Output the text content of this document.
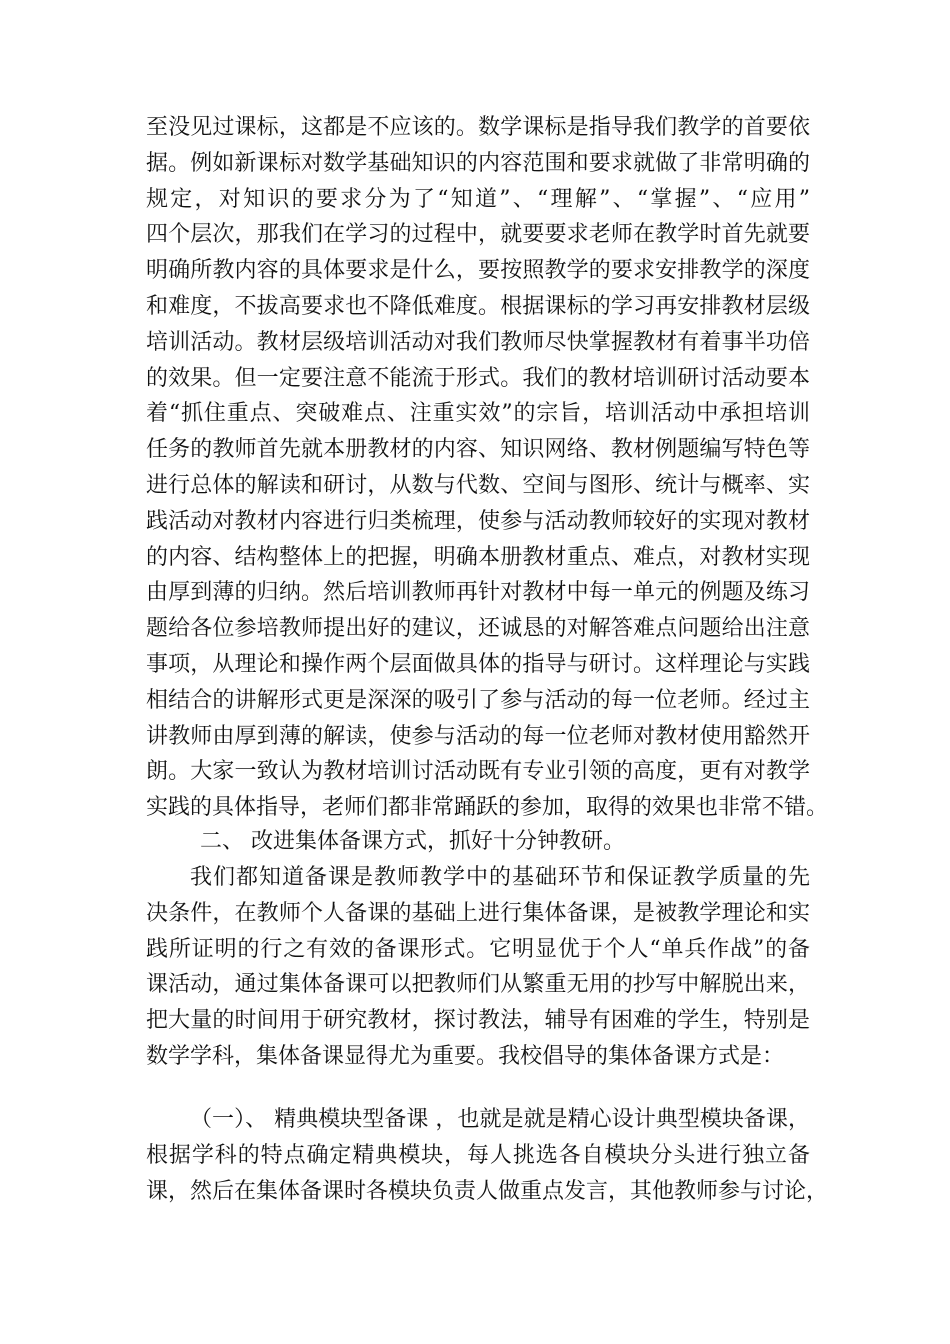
至没见过课标，这都是不应该的。数学课标是指导我们教学的首要依
据。例如新课标对数学基础知识的内容范围和要求就做了非常明确的
规定，对知识的要求分为了“知道”、“理解”、“掌握”、“应用”
四个层次，那我们在学习的过程中，就要要求老师在教学时首先就要
明确所教内容的具体要求是什么，要按照教学的要求安排教学的深度
和难度，不拔高要求也不降低难度。根据课标的学习再安排教材层级
培训活动。教材层级培训活动对我们教师尽快掌握教材有着事半功倍
的效果。但一定要注意不能流于形式。我们的教材培训研讨活动要本
着“抓住重点、突破难点、注重实效”的宗旨，培训活动中承担培训
任务的教师首先就本册教材的内容、知识网络、教材例题编写特色等
进行总体的解读和研讨，从数与代数、空间与图形、统计与概率、实
践活动对教材内容进行归类梳理，使参与活动教师较好的实现对教材
的内容、结构整体上的把握，明确本册教材重点、难点，对教材实现
由厚到薄的归纳。然后培训教师再针对教材中每一单元的例题及练习
题给各位参培教师提出好的建议，还诚恳的对解答难点问题给出注意
事项，从理论和操作两个层面做具体的指导与研讨。这样理论与实践
相结合的讲解形式更是深深的吸引了参与活动的每一位老师。经过主
讲教师由厚到薄的解读，使参与活动的每一位老师对教材使用豁然开
朗。大家一致认为教材培训讨活动既有专业引领的高度，更有对教学
实践的具体指导，老师们都非常踊跃的参加，取得的效果也非常不错。
二、 改进集体备课方式，抓好十分钟教研。
我们都知道备课是教师教学中的基础环节和保证教学质量的先
决条件，在教师个人备课的基础上进行集体备课，是被教学理论和实
践所证明的行之有效的备课形式。它明显优于个人“单兵作战”的备
课活动，通过集体备课可以把教师们从繁重无用的抄写中解脱出来，
把大量的时间用于研究教材，探讨教法，辅导有困难的学生，特别是
数学学科，集体备课显得尤为重要。我校倡导的集体备课方式是：
（一）、 精典模块型备课 ，也就是就是精心设计典型模块备课，
根据学科的特点确定精典模块，每人挑选各自模块分头进行独立备
课，然后在集体备课时各模块负责人做重点发言，其他教师参与讨论，
